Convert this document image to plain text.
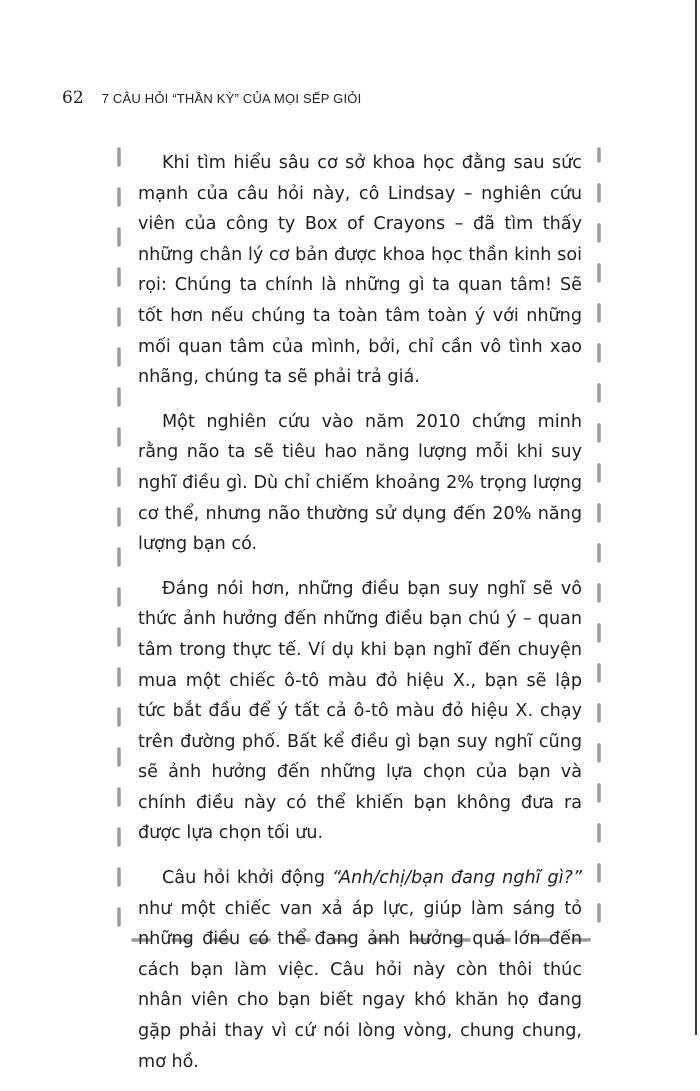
62 7 CÂU HỎI “THẦN KỲ” CỦA MỌI SẾP GIỎI

Khi tìm hiểu sâu cơ sở khoa học đằng sau sức mạnh của câu hỏi này, cô Lindsay – nghiên cứu viên của công ty Box of Crayons – đã tìm thấy những chân lý cơ bản được khoa học thần kinh soi rọi: Chúng ta chính là những gì ta quan tâm! Sẽ tốt hơn nếu chúng ta toàn tâm toàn ý với những mối quan tâm của mình, bởi, chỉ cần vô tình xao nhãng, chúng ta sẽ phải trả giá.

Một nghiên cứu vào năm 2010 chứng minh rằng não ta sẽ tiêu hao năng lượng mỗi khi suy nghĩ điều gì. Dù chỉ chiếm khoảng 2% trọng lượng cơ thể, nhưng não thường sử dụng đến 20% năng lượng bạn có.

Đáng nói hơn, những điều bạn suy nghĩ sẽ vô thức ảnh hưởng đến những điều bạn chú ý – quan tâm trong thực tế. Ví dụ khi bạn nghĩ đến chuyện mua một chiếc ô-tô màu đỏ hiệu X., bạn sẽ lập tức bắt đầu để ý tất cả ô-tô màu đỏ hiệu X. chạy trên đường phố. Bất kể điều gì bạn suy nghĩ cũng sẽ ảnh hưởng đến những lựa chọn của bạn và chính điều này có thể khiến bạn không đưa ra được lựa chọn tối ưu.

Câu hỏi khởi động “Anh/chị/bạn đang nghĩ gì?” như một chiếc van xả áp lực, giúp làm sáng tỏ những điều có thể đang ảnh hưởng quá lớn đến cách bạn làm việc. Câu hỏi này còn thôi thúc nhân viên cho bạn biết ngay khó khăn họ đang gặp phải thay vì cứ nói lòng vòng, chung chung, mơ hồ.
